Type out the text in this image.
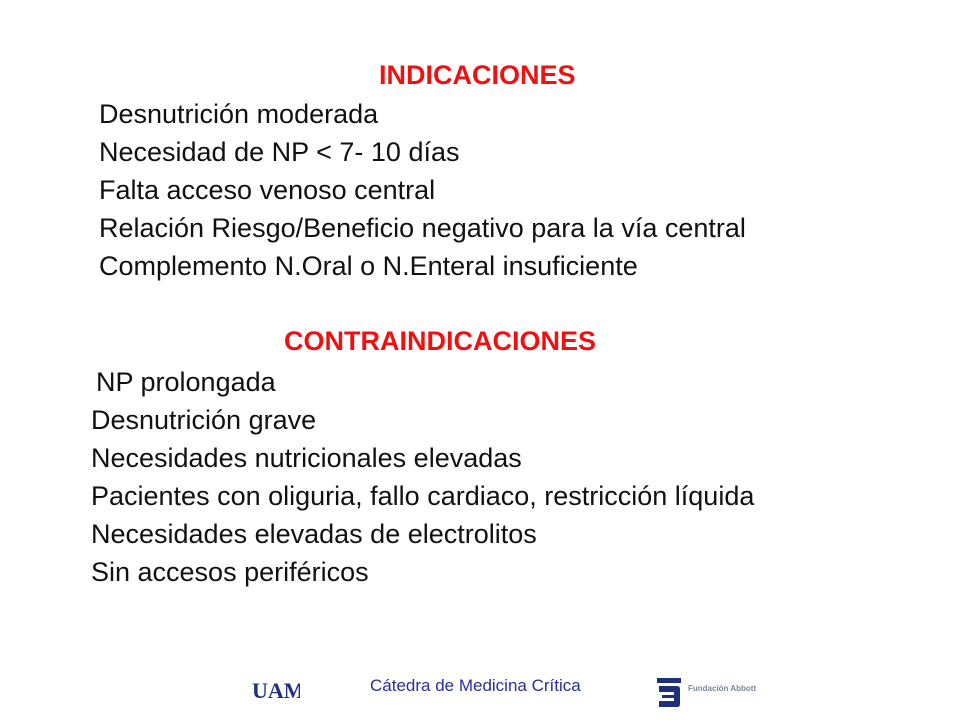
INDICACIONES
Desnutrición moderada
Necesidad de NP < 7- 10 días
Falta acceso venoso central
Relación Riesgo/Beneficio negativo para la vía central
Complemento N.Oral o N.Enteral insuficiente
CONTRAINDICACIONES
NP prolongada
Desnutrición grave
Necesidades nutricionales elevadas
Pacientes con oliguria, fallo cardiaco, restricción líquida
Necesidades elevadas de electrolitos
Sin accesos periféricos
UAM	Cátedra de Medicina Crítica	Fundación Abbott
